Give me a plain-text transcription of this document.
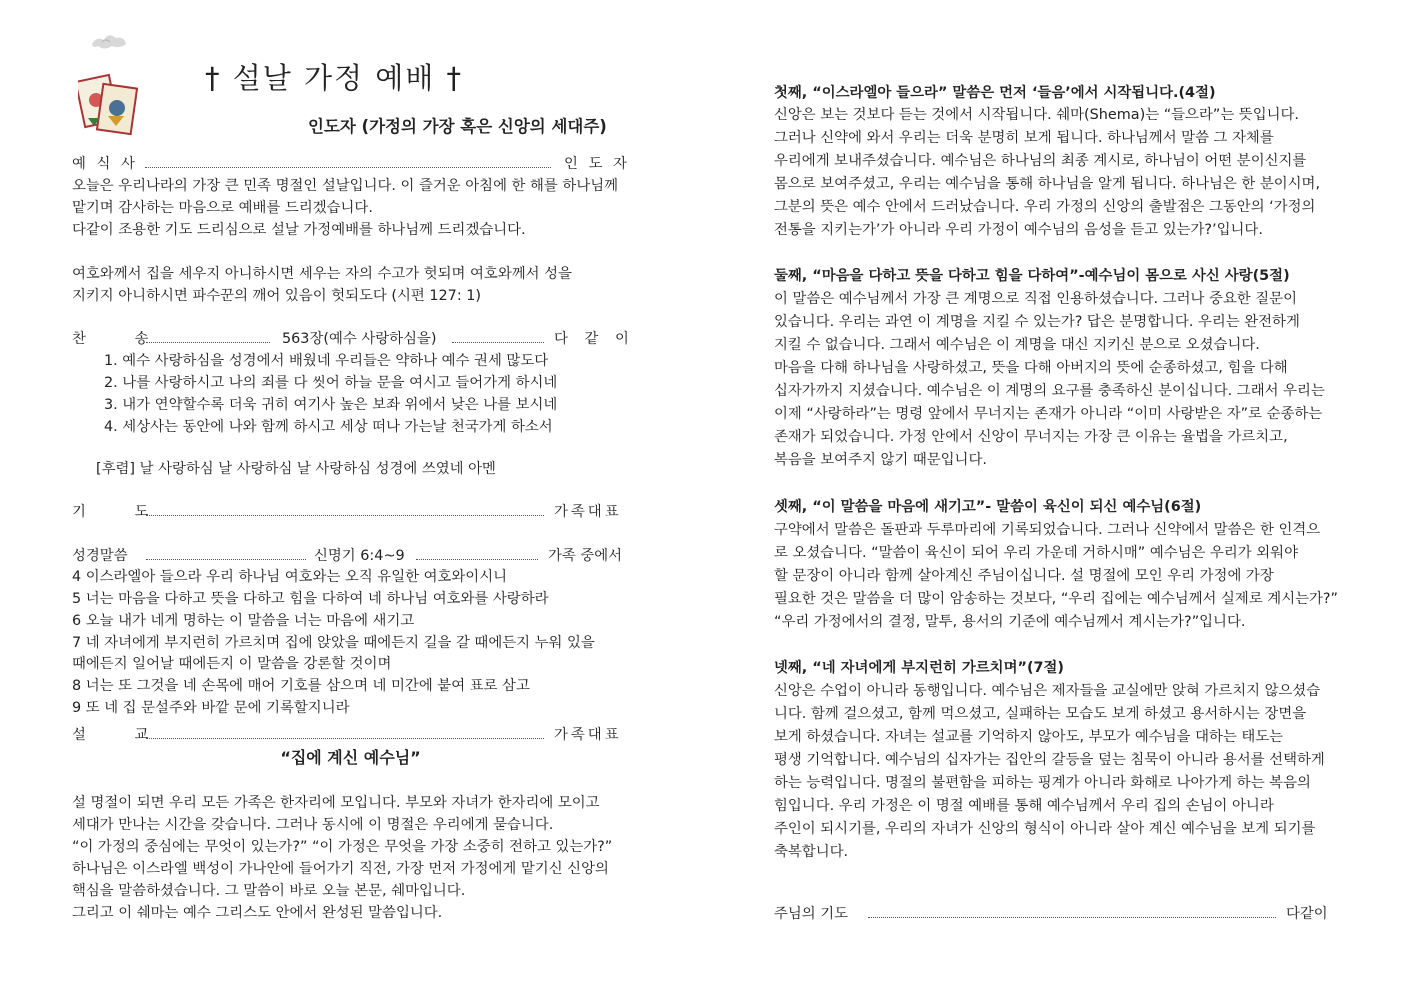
† 설날 가정 예배 †
인도자 (가정의 가장 혹은 신앙의 세대주)
예 식 사	인 도 자
오늘은 우리나라의 가장 큰 민족 명절인 설날입니다. 이 즐거운 아침에 한 해를 하나님께
맡기며 감사하는 마음으로 예배를 드리겠습니다.
다같이 조용한 기도 드리심으로 설날 가정예배를 하나님께 드리겠습니다.
여호와께서 집을 세우지 아니하시면 세우는 자의 수고가 헛되며 여호와께서 성을
지키지 아니하시면 파수꾼의 깨어 있음이 헛되도다 (시편 127: 1)
찬 송	563장(예수 사랑하심을)	다 같 이
1. 예수 사랑하심을 성경에서 배웠네 우리들은 약하나 예수 권세 많도다
2. 나를 사랑하시고 나의 죄를 다 씻어 하늘 문을 여시고 들어가게 하시네
3. 내가 연약할수록 더욱 귀히 여기사 높은 보좌 위에서 낮은 나를 보시네
4. 세상사는 동안에 나와 함께 하시고 세상 떠나 가는날 천국가게 하소서
[후렴] 날 사랑하심 날 사랑하심 날 사랑하심 성경에 쓰였네 아멘
기 도	가족대표
성경말씀	신명기 6:4~9	가족 중에서
4 이스라엘아 들으라 우리 하나님 여호와는 오직 유일한 여호와이시니
5 너는 마음을 다하고 뜻을 다하고 힘을 다하여 네 하나님 여호와를 사랑하라
6 오늘 내가 네게 명하는 이 말씀을 너는 마음에 새기고
7 네 자녀에게 부지런히 가르치며 집에 앉았을 때에든지 길을 갈 때에든지 누워 있을
때에든지 일어날 때에든지 이 말씀을 강론할 것이며
8 너는 또 그것을 네 손목에 매어 기호를 삼으며 네 미간에 붙여 표로 삼고
9 또 네 집 문설주와 바깥 문에 기록할지니라
설 교	가족대표
“집에 계신 예수님”
설 명절이 되면 우리 모든 가족은 한자리에 모입니다. 부모와 자녀가 한자리에 모이고
세대가 만나는 시간을 갖습니다. 그러나 동시에 이 명절은 우리에게 묻습니다.
“이 가정의 중심에는 무엇이 있는가?” “이 가정은 무엇을 가장 소중히 전하고 있는가?”
하나님은 이스라엘 백성이 가나안에 들어가기 직전, 가장 먼저 가정에게 맡기신 신앙의
핵심을 말씀하셨습니다. 그 말씀이 바로 오늘 본문, 쉐마입니다.
그리고 이 쉐마는 예수 그리스도 안에서 완성된 말씀입니다.
첫째, “이스라엘아 들으라” 말씀은 먼저 ‘들음’에서 시작됩니다.(4절)
신앙은 보는 것보다 듣는 것에서 시작됩니다. 쉐마(Shema)는 “들으라”는 뜻입니다.
그러나 신약에 와서 우리는 더욱 분명히 보게 됩니다. 하나님께서 말씀 그 자체를
우리에게 보내주셨습니다. 예수님은 하나님의 최종 계시로, 하나님이 어떤 분이신지를
몸으로 보여주셨고, 우리는 예수님을 통해 하나님을 알게 됩니다. 하나님은 한 분이시며,
그분의 뜻은 예수 안에서 드러났습니다. 우리 가정의 신앙의 출발점은 그동안의 ‘가정의
전통을 지키는가’가 아니라 우리 가정이 예수님의 음성을 듣고 있는가?’입니다.
둘째, “마음을 다하고 뜻을 다하고 힘을 다하여”-예수님이 몸으로 사신 사랑(5절)
이 말씀은 예수님께서 가장 큰 계명으로 직접 인용하셨습니다. 그러나 중요한 질문이
있습니다. 우리는 과연 이 계명을 지킬 수 있는가? 답은 분명합니다. 우리는 완전하게
지킬 수 없습니다. 그래서 예수님은 이 계명을 대신 지키신 분으로 오셨습니다.
마음을 다해 하나님을 사랑하셨고, 뜻을 다해 아버지의 뜻에 순종하셨고, 힘을 다해
십자가까지 지셨습니다. 예수님은 이 계명의 요구를 충족하신 분이십니다. 그래서 우리는
이제 “사랑하라”는 명령 앞에서 무너지는 존재가 아니라 “이미 사랑받은 자”로 순종하는
존재가 되었습니다. 가정 안에서 신앙이 무너지는 가장 큰 이유는 율법을 가르치고,
복음을 보여주지 않기 때문입니다.
셋째, “이 말씀을 마음에 새기고”- 말씀이 육신이 되신 예수님(6절)
구약에서 말씀은 돌판과 두루마리에 기록되었습니다. 그러나 신약에서 말씀은 한 인격으
로 오셨습니다. “말씀이 육신이 되어 우리 가운데 거하시매” 예수님은 우리가 외워야
할 문장이 아니라 함께 살아계신 주님이십니다. 설 명절에 모인 우리 가정에 가장
필요한 것은 말씀을 더 많이 암송하는 것보다, “우리 집에는 예수님께서 실제로 계시는가?”
“우리 가정에서의 결정, 말투, 용서의 기준에 예수님께서 계시는가?”입니다.
넷째, “네 자녀에게 부지런히 가르치며”(7절)
신앙은 수업이 아니라 동행입니다. 예수님은 제자들을 교실에만 앉혀 가르치지 않으셨습
니다. 함께 걸으셨고, 함께 먹으셨고, 실패하는 모습도 보게 하셨고 용서하시는 장면을
보게 하셨습니다. 자녀는 설교를 기억하지 않아도, 부모가 예수님을 대하는 태도는
평생 기억합니다. 예수님의 십자가는 집안의 갈등을 덮는 침묵이 아니라 용서를 선택하게
하는 능력입니다. 명절의 불편함을 피하는 핑계가 아니라 화해로 나아가게 하는 복음의
힘입니다. 우리 가정은 이 명절 예배를 통해 예수님께서 우리 집의 손님이 아니라
주인이 되시기를, 우리의 자녀가 신앙의 형식이 아니라 살아 계신 예수님을 보게 되기를
축복합니다.
주님의 기도	다같이
